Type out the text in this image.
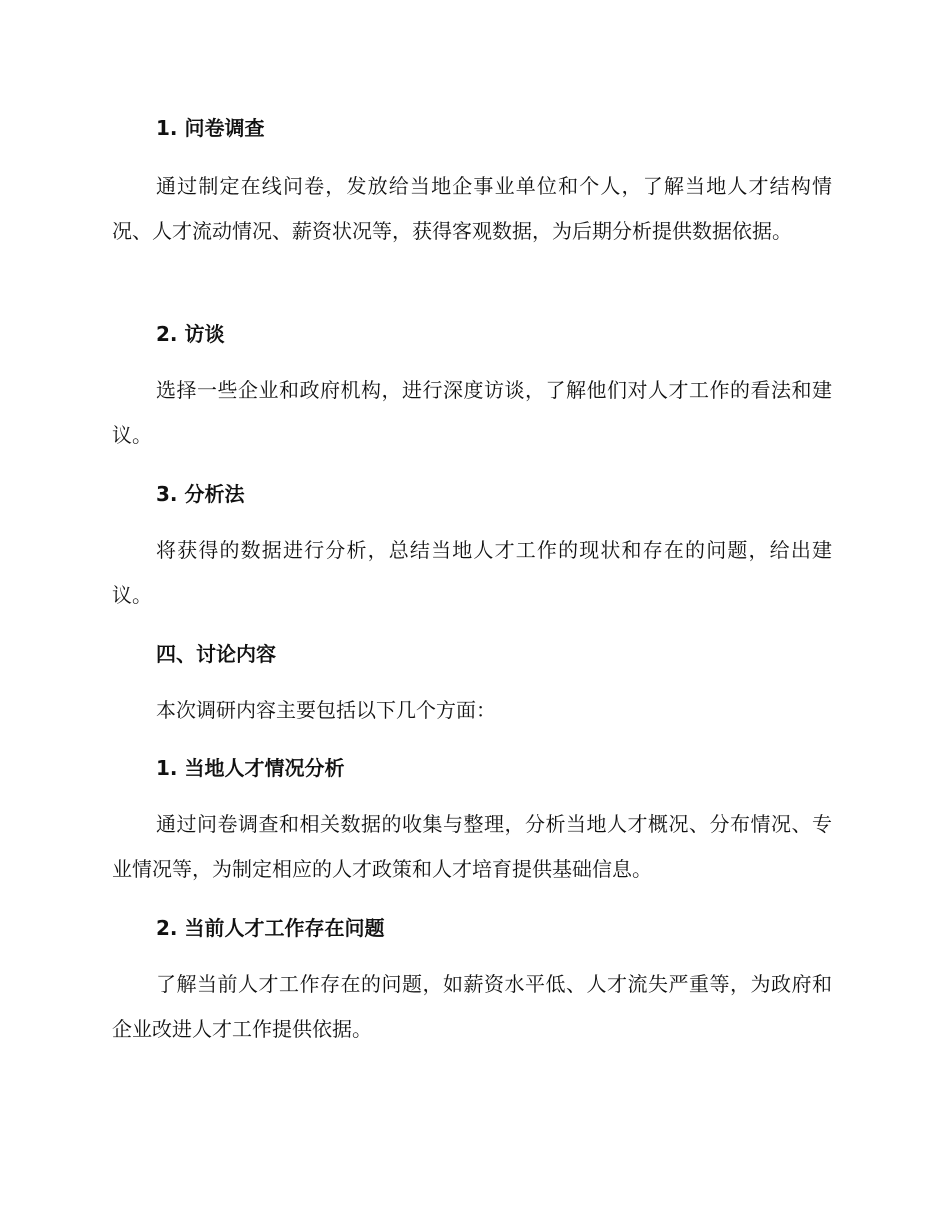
1. 问卷调查

通过制定在线问卷，发放给当地企事业单位和个人，了解当地人才结构情况、人才流动情况、薪资状况等，获得客观数据，为后期分析提供数据依据。

2. 访谈

选择一些企业和政府机构，进行深度访谈，了解他们对人才工作的看法和建议。

3. 分析法

将获得的数据进行分析，总结当地人才工作的现状和存在的问题，给出建议。

四、讨论内容

本次调研内容主要包括以下几个方面：

1. 当地人才情况分析

通过问卷调查和相关数据的收集与整理，分析当地人才概况、分布情况、专业情况等，为制定相应的人才政策和人才培育提供基础信息。

2. 当前人才工作存在问题

了解当前人才工作存在的问题，如薪资水平低、人才流失严重等，为政府和企业改进人才工作提供依据。
